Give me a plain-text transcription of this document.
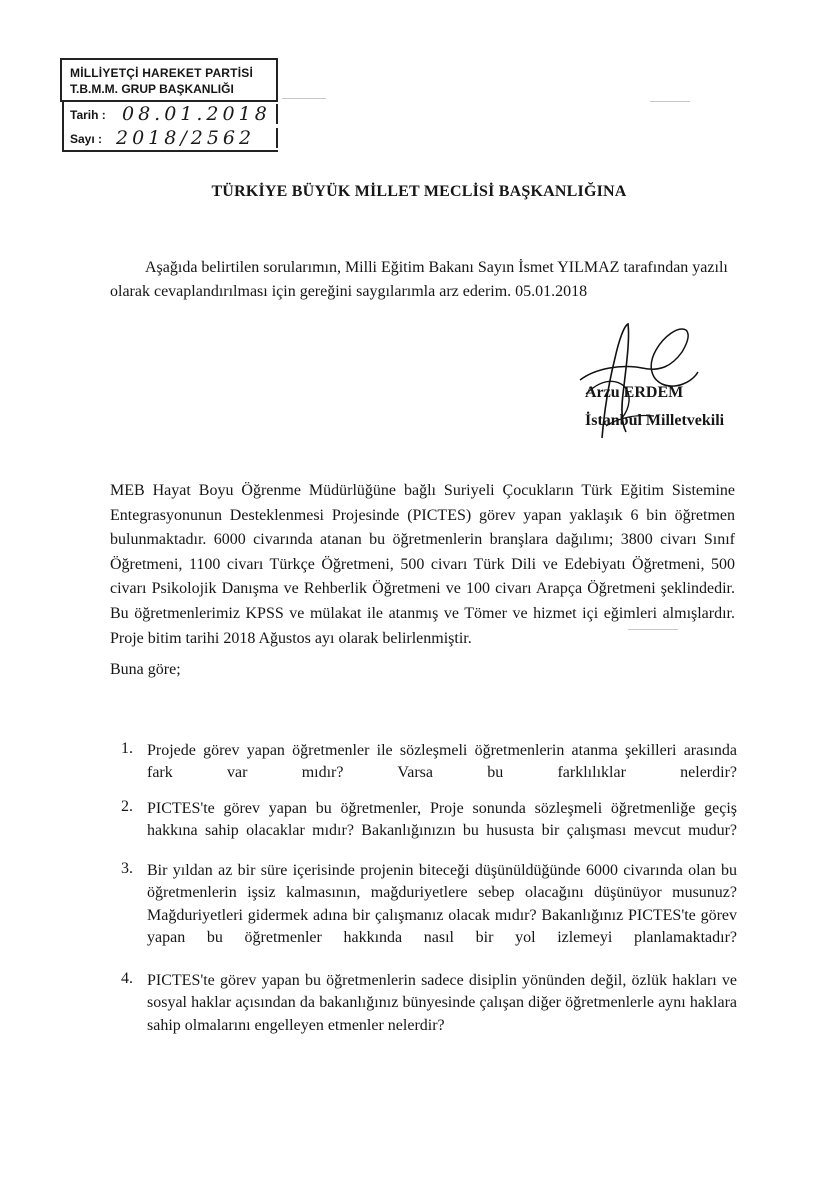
MİLLİYETÇİ HAREKET PARTİSİ
T.B.M.M. GRUP BAŞKANLIĞI
Tarih : 08.01.2018
Sayı : 2018/2562
TÜRKİYE BÜYÜK MİLLET MECLİSİ BAŞKANLIĞINA

Aşağıda belirtilen sorularımın, Milli Eğitim Bakanı Sayın İsmet YILMAZ tarafından yazılı olarak cevaplandırılması için gereğini saygılarımla arz ederim. 05.01.2018

Arzu ERDEM
İstanbul Milletvekili

MEB Hayat Boyu Öğrenme Müdürlüğüne bağlı Suriyeli Çocukların Türk Eğitim Sistemine Entegrasyonunun Desteklenmesi Projesinde (PICTES) görev yapan yaklaşık 6 bin öğretmen bulunmaktadır. 6000 civarında atanan bu öğretmenlerin branşlara dağılımı; 3800 civarı Sınıf Öğretmeni, 1100 civarı Türkçe Öğretmeni, 500 civarı Türk Dili ve Edebiyatı Öğretmeni, 500 civarı Psikolojik Danışma ve Rehberlik Öğretmeni ve 100 civarı Arapça Öğretmeni şeklindedir. Bu öğretmenlerimiz KPSS ve mülakat ile atanmış ve Tömer ve hizmet içi eğimleri almışlardır. Proje bitim tarihi 2018 Ağustos ayı olarak belirlenmiştir.

Buna göre;
1. Projede görev yapan öğretmenler ile sözleşmeli öğretmenlerin atanma şekilleri arasında fark var mıdır? Varsa bu farklılıklar nelerdir?
2. PICTES'te görev yapan bu öğretmenler, Proje sonunda sözleşmeli öğretmenliğe geçiş hakkına sahip olacaklar mıdır? Bakanlığınızın bu hususta bir çalışması mevcut mudur?
3. Bir yıldan az bir süre içerisinde projenin biteceği düşünüldüğünde 6000 civarında olan bu öğretmenlerin işsiz kalmasının, mağduriyetlere sebep olacağını düşünüyor musunuz? Mağduriyetleri gidermek adına bir çalışmanız olacak mıdır? Bakanlığınız PICTES'te görev yapan bu öğretmenler hakkında nasıl bir yol izlemeyi planlamaktadır?
4. PICTES'te görev yapan bu öğretmenlerin sadece disiplin yönünden değil, özlük hakları ve sosyal haklar açısından da bakanlığınız bünyesinde çalışan diğer öğretmenlerle aynı haklara sahip olmalarını engelleyen etmenler nelerdir?
